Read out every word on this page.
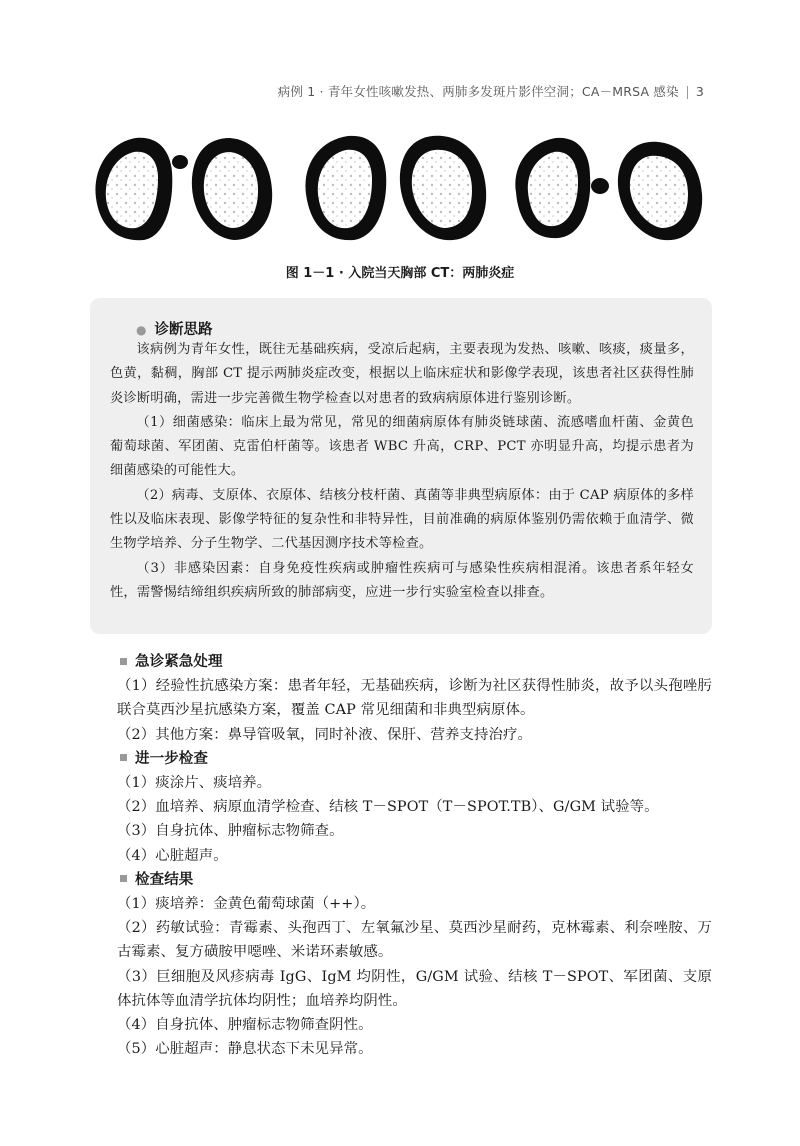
病例 1 · 青年女性咳嗽发热、两肺多发斑片影伴空洞；CA－MRSA 感染 3
图 1－1 · 入院当天胸部 CT：两肺炎症
● 诊断思路

该病例为青年女性，既往无基础疾病，受凉后起病，主要表现为发热、咳嗽、咳痰，痰量多，色黄，黏稠，胸部 CT 提示两肺炎症改变，根据以上临床症状和影像学表现，该患者社区获得性肺炎诊断明确，需进一步完善微生物学检查以对患者的致病病原体进行鉴别诊断。

（1）细菌感染：临床上最为常见，常见的细菌病原体有肺炎链球菌、流感嗜血杆菌、金黄色葡萄球菌、军团菌、克雷伯杆菌等。该患者 WBC 升高，CRP、PCT 亦明显升高，均提示患者为细菌感染的可能性大。

（2）病毒、支原体、衣原体、结核分枝杆菌、真菌等非典型病原体：由于 CAP 病原体的多样性以及临床表现、影像学特征的复杂性和非特异性，目前准确的病原体鉴别仍需依赖于血清学、微生物学培养、分子生物学、二代基因测序技术等检查。

（3）非感染因素：自身免疫性疾病或肿瘤性疾病可与感染性疾病相混淆。该患者系年轻女性，需警惕结缔组织疾病所致的肺部病变，应进一步行实验室检查以排查。

急诊紧急处理

（1）经验性抗感染方案：患者年轻，无基础疾病，诊断为社区获得性肺炎，故予以头孢唑肟联合莫西沙星抗感染方案，覆盖 CAP 常见细菌和非典型病原体。

（2）其他方案：鼻导管吸氧，同时补液、保肝、营养支持治疗。

进一步检查

（1）痰涂片、痰培养。

（2）血培养、病原血清学检查、结核 T－SPOT（T－SPOT.TB）、G/GM 试验等。

（3）自身抗体、肿瘤标志物筛查。

（4）心脏超声。

检查结果

（1）痰培养：金黄色葡萄球菌（++）。

（2）药敏试验：青霉素、头孢西丁、左氧氟沙星、莫西沙星耐药，克林霉素、利奈唑胺、万古霉素、复方磺胺甲噁唑、米诺环素敏感。

（3）巨细胞及风疹病毒 IgG、IgM 均阴性，G/GM 试验、结核 T－SPOT、军团菌、支原体抗体等血清学抗体均阴性；血培养均阴性。

（4）自身抗体、肿瘤标志物筛查阴性。

（5）心脏超声：静息状态下未见异常。
